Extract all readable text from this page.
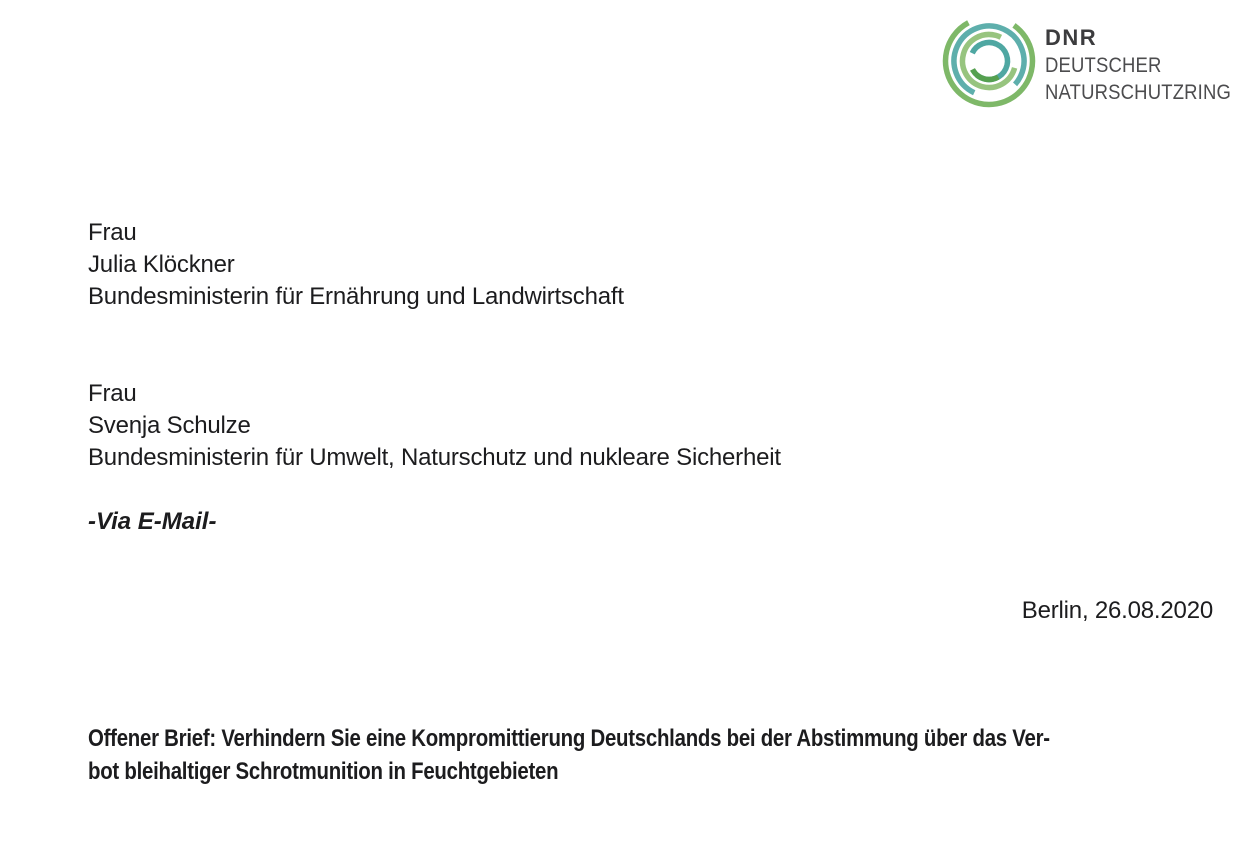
DNR
DEUTSCHER
NATURSCHUTZRING
Frau
Julia Klöckner
Bundesministerin für Ernährung und Landwirtschaft
Frau
Svenja Schulze
Bundesministerin für Umwelt, Naturschutz und nukleare Sicherheit
-Via E-Mail-
Berlin, 26.08.2020
Offener Brief: Verhindern Sie eine Kompromittierung Deutschlands bei der Abstimmung über das Ver-
bot bleihaltiger Schrotmunition in Feuchtgebieten
